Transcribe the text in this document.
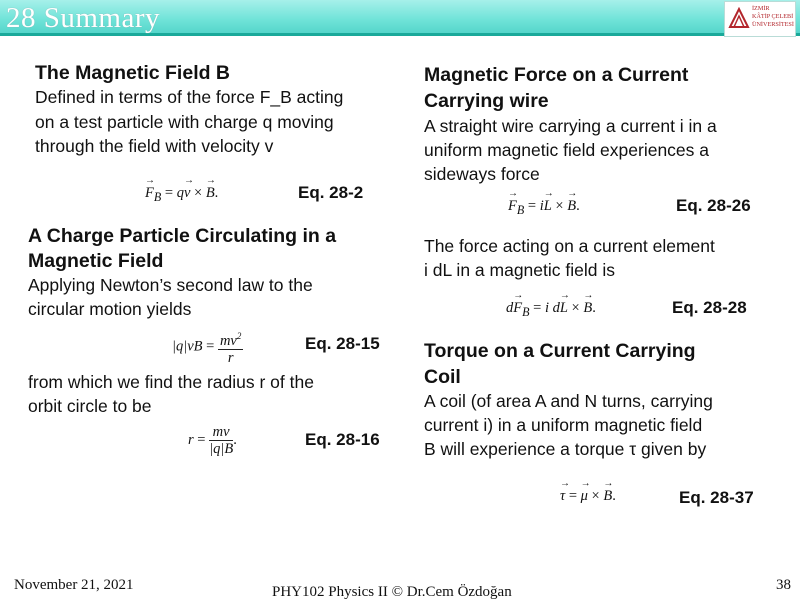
28 Summary	İZMİR
KÂTİP ÇELEBİ
ÜNİVERSİTESİ
The Magnetic Field B
Defined in terms of the force F_B acting
on a test particle with charge q moving
through the field with velocity v
→ $F_B = q\to v$ × → B.	Eq. 28-2
A Charge Particle Circulating in a
Magnetic Field
Applying Newton’s second law to the
circular motion yields
$|q|vB = \frac{mv^2}{r}$	Eq. 28-15
from which we find the radius r of the
orbit circle to be
$r = \frac{mv}{|q|B}$ .	Eq. 28-16
Magnetic Force on a Current
Carrying wire
A straight wire carrying a current i in a
uniform magnetic field experiences a
sideways force
→ $F_B = i\to L$ × → B.	Eq. 28-26
The force acting on a current element
i dL in a magnetic field is
$d\to F_B = i$ d→ L × → B.	Eq. 28-28
Torque on a Current Carrying
Coil
A coil (of area A and N turns, carrying
current i) in a uniform magnetic field
B will experience a torque τ given by
→ τ = → μ × → B.	Eq. 28-37
November 21, 2021	PHY102 Physics II © Dr.Cem Özdoğan	38
